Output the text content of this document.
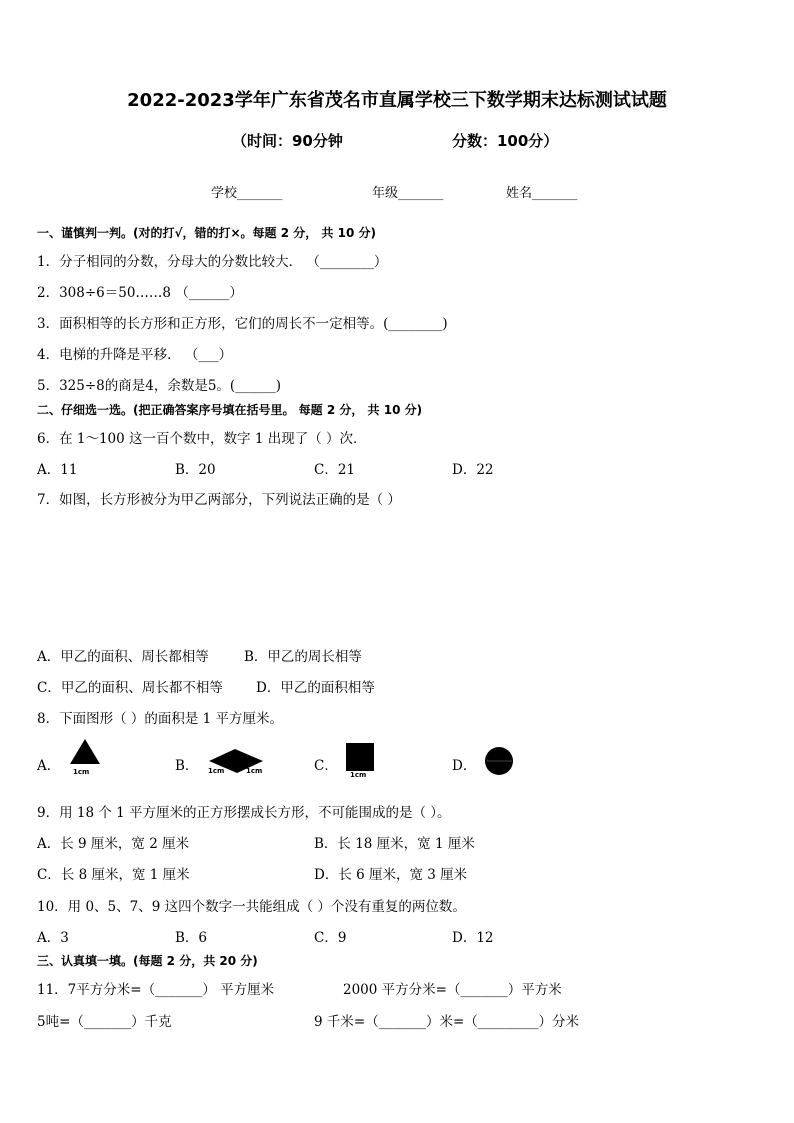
2022-2023学年广东省茂名市直属学校三下数学期末达标测试试题
（时间：90分钟	分数：100分）
学校_______	年级_______	姓名_______
一、谨慎判一判。(对的打√，错的打×。每题 2 分， 共 10 分)
1．分子相同的分数，分母大的分数比较大． （________）
2．308÷6＝50……8 （______）
3．面积相等的长方形和正方形，它们的周长不一定相等。(________)
4．电梯的升降是平移． （___）
5．325÷8的商是4，余数是5。(______)
二、仔细选一选。(把正确答案序号填在括号里。 每题 2 分， 共 10 分)
6．在 1～100 这一百个数中，数字 1 出现了（ ）次．
A．11	B．20	C．21	D．22
7．如图，长方形被分为甲乙两部分，下列说法正确的是（ ）
A．甲乙的面积、周长都相等	B．甲乙的周长相等
C．甲乙的面积、周长都不相等 D．甲乙的面积相等
8．下面图形（ ）的面积是 1 平方厘米。
A． 1cm	B． 1cm	1cm	C．
1cm
D．
9．用 18 个 1 平方厘米的正方形摆成长方形，不可能围成的是（ ）。
A．长 9 厘米，宽 2 厘米	B．长 18 厘米，宽 1 厘米
C．长 8 厘米，宽 1 厘米	D．长 6 厘米，宽 3 厘米
10．用 0、5、7、9 这四个数字一共能组成（ ）个没有重复的两位数。
A．3	B．6	C．9	D．12
三、认真填一填。(每题 2 分，共 20 分)
11．7平方分米=（_______） 平方厘米	2000 平方分米=（_______）平方米
5吨=（_______）千克	9 千米=（_______）米=（_________）分米
